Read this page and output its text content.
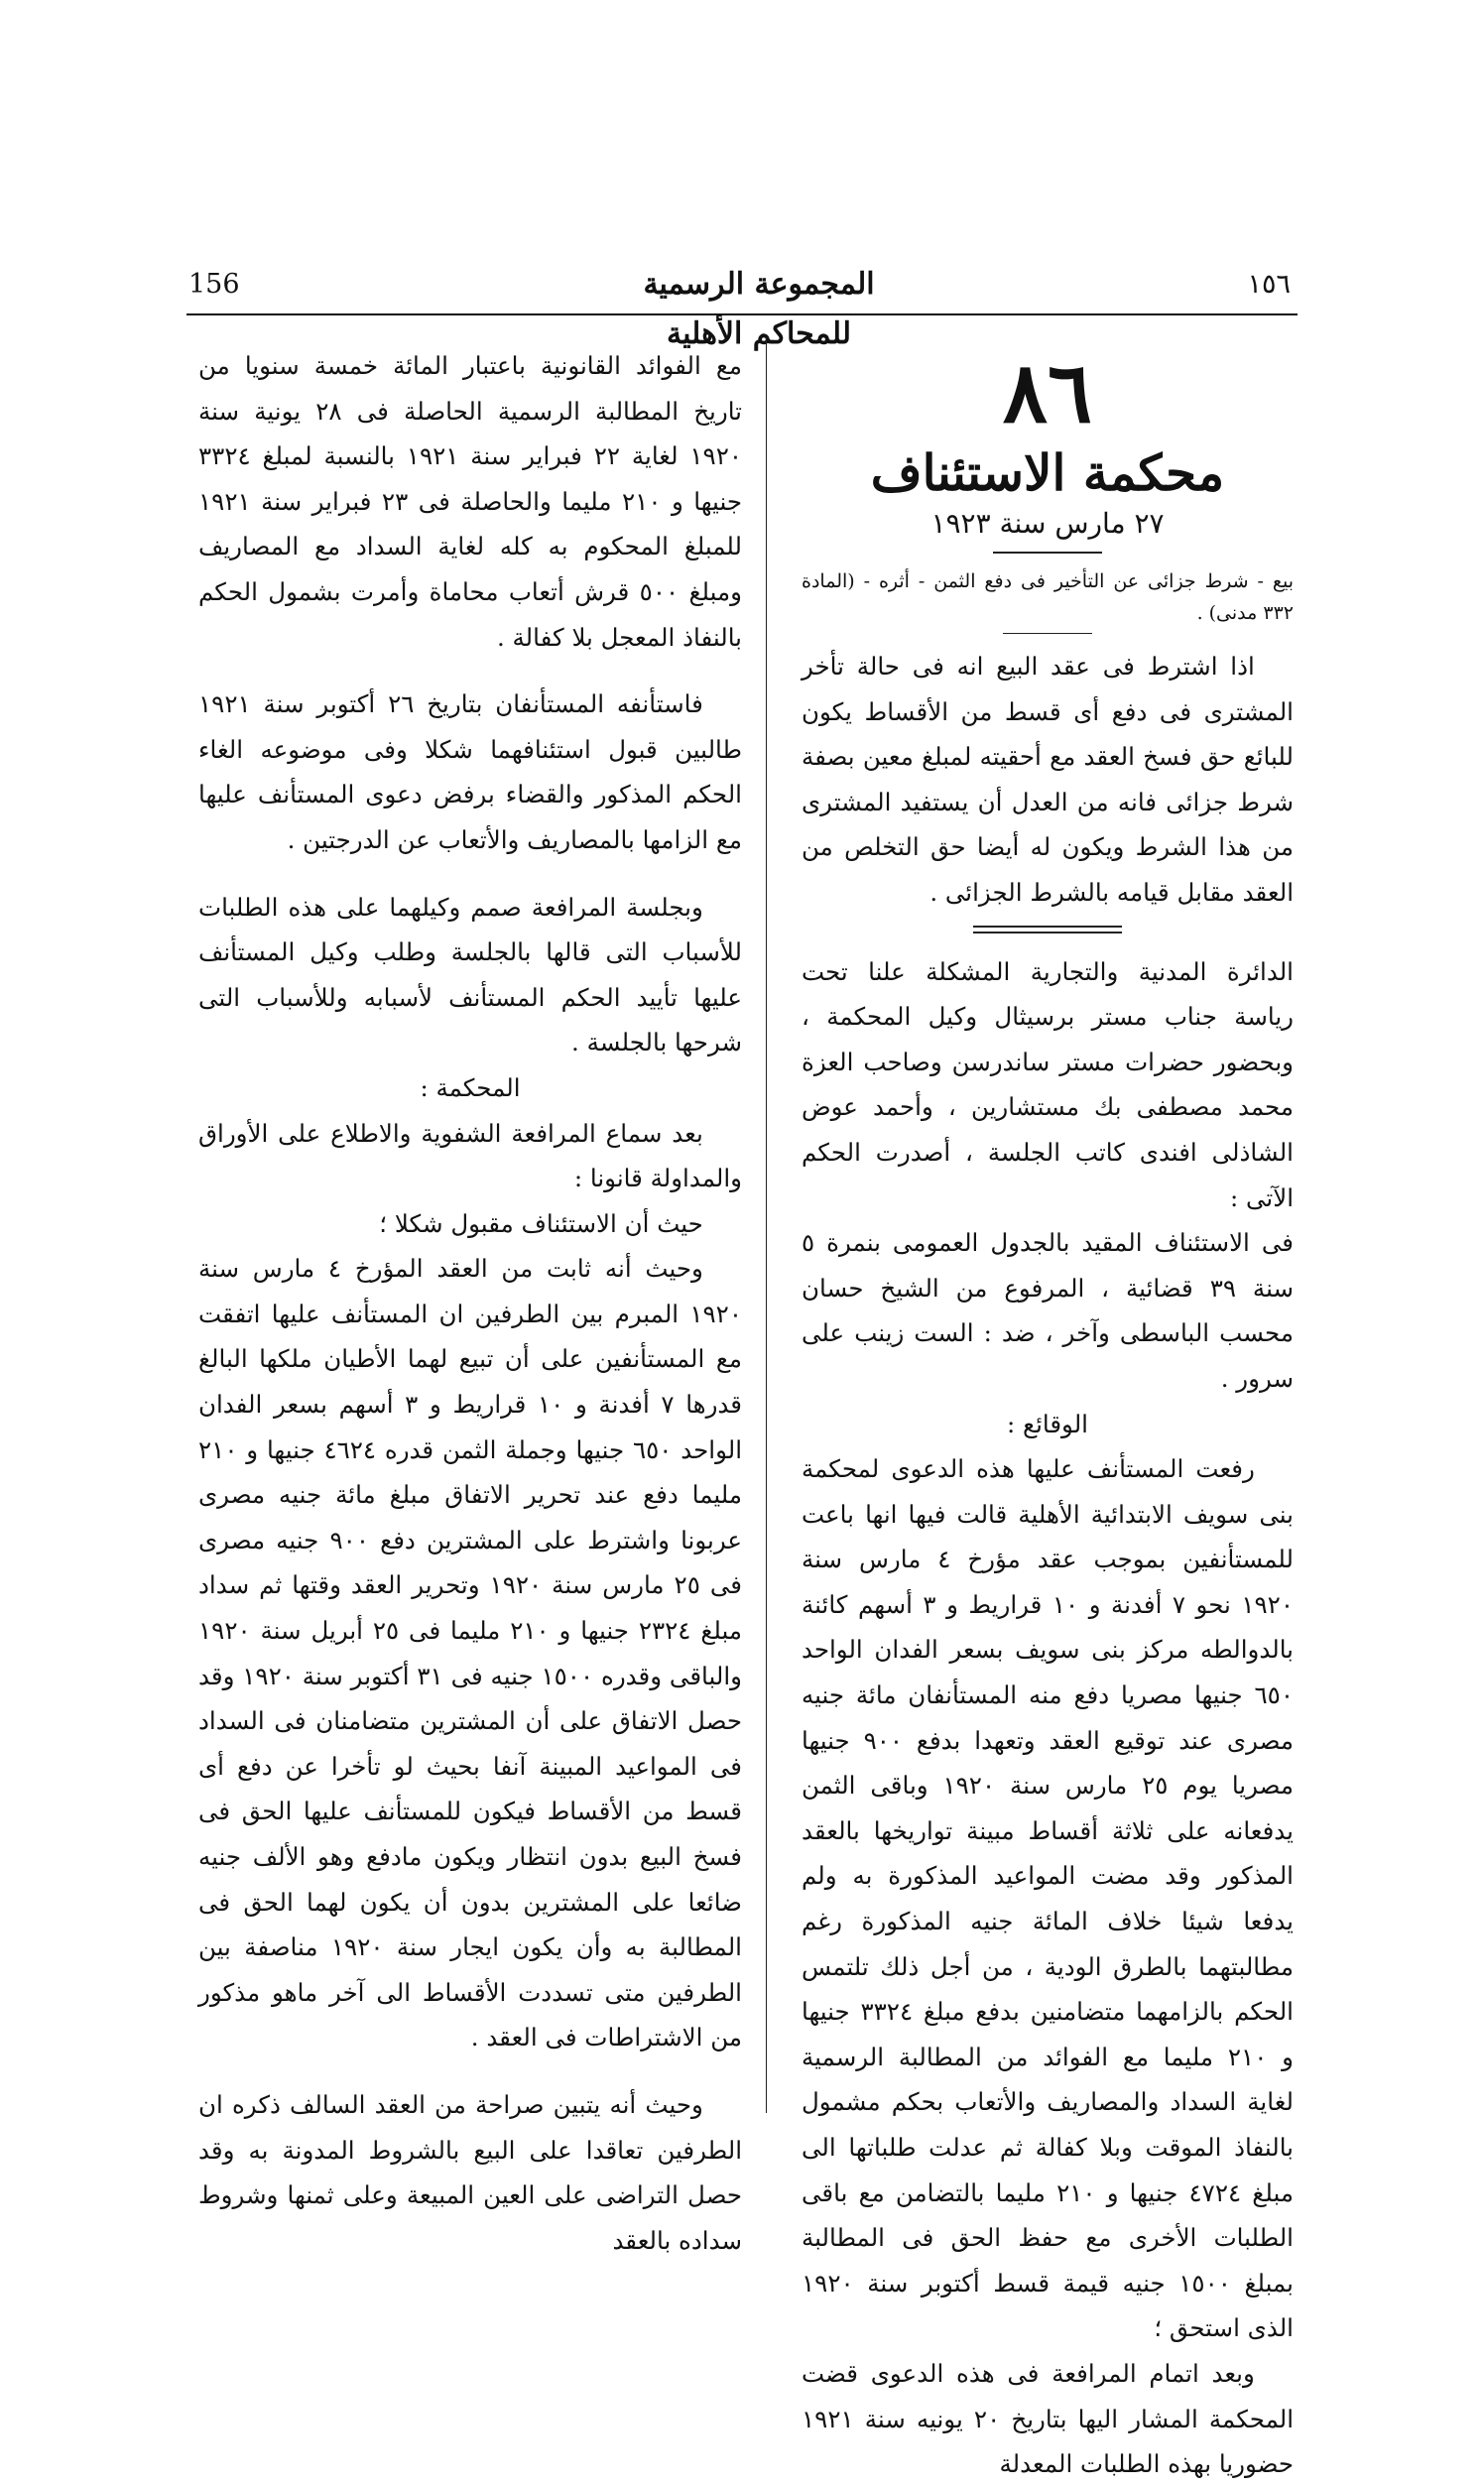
156	المجموعة الرسمية للمحاكم الأهلية
١٥٦

٨٦

محكمة الاستئناف

٢٧ مارس سنة ١٩٢٣

بيع - شرط جزائى عن التأخير فى دفع الثمن - أثره - (المادة ٣٣٢ مدنى) .

اذا اشترط فى عقد البيع انه فى حالة تأخر المشترى فى دفع أى قسط من الأقساط يكون للبائع حق فسخ العقد مع أحقيته لمبلغ معين بصفة شرط جزائى فانه من العدل أن يستفيد المشترى من هذا الشرط ويكون له أيضا حق التخلص من العقد مقابل قيامه بالشرط الجزائى .

الدائرة المدنية والتجارية المشكلة علنا تحت رياسة جناب مستر برسيثال وكيل المحكمة ، وبحضور حضرات مستر ساندرسن وصاحب العزة محمد مصطفى بك مستشارين ، وأحمد عوض الشاذلى افندى كاتب الجلسة ، أصدرت الحكم الآتى :

فى الاستئناف المقيد بالجدول العمومى بنمرة ٥ سنة ٣٩ قضائية ، المرفوع من الشيخ حسان محسب الباسطى وآخر ، ضد : الست زينب على سرور .

الوقائع :

رفعت المستأنف عليها هذه الدعوى لمحكمة بنى سويف الابتدائية الأهلية قالت فيها انها باعت للمستأنفين بموجب عقد مؤرخ ٤ مارس سنة ١٩٢٠ نحو ٧ أفدنة و ١٠ قراريط و ٣ أسهم كائنة بالدوالطه مركز بنى سويف بسعر الفدان الواحد ٦٥٠ جنيها مصريا دفع منه المستأنفان مائة جنيه مصرى عند توقيع العقد وتعهدا بدفع ٩٠٠ جنيها مصريا يوم ٢٥ مارس سنة ١٩٢٠ وباقى الثمن يدفعانه على ثلاثة أقساط مبينة تواريخها بالعقد المذكور وقد مضت المواعيد المذكورة به ولم يدفعا شيئا خلاف المائة جنيه المذكورة رغم مطالبتهما بالطرق الودية ، من أجل ذلك تلتمس الحكم بالزامهما متضامنين بدفع مبلغ ٣٣٢٤ جنيها و ٢١٠ مليما مع الفوائد من المطالبة الرسمية لغاية السداد والمصاريف والأتعاب بحكم مشمول بالنفاذ الموقت وبلا كفالة ثم عدلت طلباتها الى مبلغ ٤٧٢٤ جنيها و ٢١٠ مليما بالتضامن مع باقى الطلبات الأخرى مع حفظ الحق فى المطالبة بمبلغ ١٥٠٠ جنيه قيمة قسط أكتوبر سنة ١٩٢٠ الذى استحق ؛

وبعد اتمام المرافعة فى هذه الدعوى قضت المحكمة المشار اليها بتاريخ ٢٠ يونيه سنة ١٩٢١ حضوريا بهذه الطلبات المعدلة

مع الفوائد القانونية باعتبار المائة خمسة سنويا من تاريخ المطالبة الرسمية الحاصلة فى ٢٨ يونية سنة ١٩٢٠ لغاية ٢٢ فبراير سنة ١٩٢١ بالنسبة لمبلغ ٣٣٢٤ جنيها و ٢١٠ مليما والحاصلة فى ٢٣ فبراير سنة ١٩٢١ للمبلغ المحكوم به كله لغاية السداد مع المصاريف ومبلغ ٥٠٠ قرش أتعاب محاماة وأمرت بشمول الحكم بالنفاذ المعجل بلا كفالة .

فاستأنفه المستأنفان بتاريخ ٢٦ أكتوبر سنة ١٩٢١ طالبين قبول استئنافهما شكلا وفى موضوعه الغاء الحكم المذكور والقضاء برفض دعوى المستأنف عليها مع الزامها بالمصاريف والأتعاب عن الدرجتين .

وبجلسة المرافعة صمم وكيلهما على هذه الطلبات للأسباب التى قالها بالجلسة وطلب وكيل المستأنف عليها تأييد الحكم المستأنف لأسبابه وللأسباب التى شرحها بالجلسة .

المحكمة :

بعد سماع المرافعة الشفوية والاطلاع على الأوراق والمداولة قانونا :

حيث أن الاستئناف مقبول شكلا ؛

وحيث أنه ثابت من العقد المؤرخ ٤ مارس سنة ١٩٢٠ المبرم بين الطرفين ان المستأنف عليها اتفقت مع المستأنفين على أن تبيع لهما الأطيان ملكها البالغ قدرها ٧ أفدنة و ١٠ قراريط و ٣ أسهم بسعر الفدان الواحد ٦٥٠ جنيها وجملة الثمن قدره ٤٦٢٤ جنيها و ٢١٠ مليما دفع عند تحرير الاتفاق مبلغ مائة جنيه مصرى عربونا واشترط على المشترين دفع ٩٠٠ جنيه مصرى فى ٢٥ مارس سنة ١٩٢٠ وتحرير العقد وقتها ثم سداد مبلغ ٢٣٢٤ جنيها و ٢١٠ مليما فى ٢٥ أبريل سنة ١٩٢٠ والباقى وقدره ١٥٠٠ جنيه فى ٣١ أكتوبر سنة ١٩٢٠ وقد حصل الاتفاق على أن المشترين متضامنان فى السداد فى المواعيد المبينة آنفا بحيث لو تأخرا عن دفع أى قسط من الأقساط فيكون للمستأنف عليها الحق فى فسخ البيع بدون انتظار ويكون مادفع وهو الألف جنيه ضائعا على المشترين بدون أن يكون لهما الحق فى المطالبة به وأن يكون ايجار سنة ١٩٢٠ مناصفة بين الطرفين متى تسددت الأقساط الى آخر ماهو مذكور من الاشتراطات فى العقد .

وحيث أنه يتبين صراحة من العقد السالف ذكره ان الطرفين تعاقدا على البيع بالشروط المدونة به وقد حصل التراضى على العين المبيعة وعلى ثمنها وشروط سداده بالعقد
